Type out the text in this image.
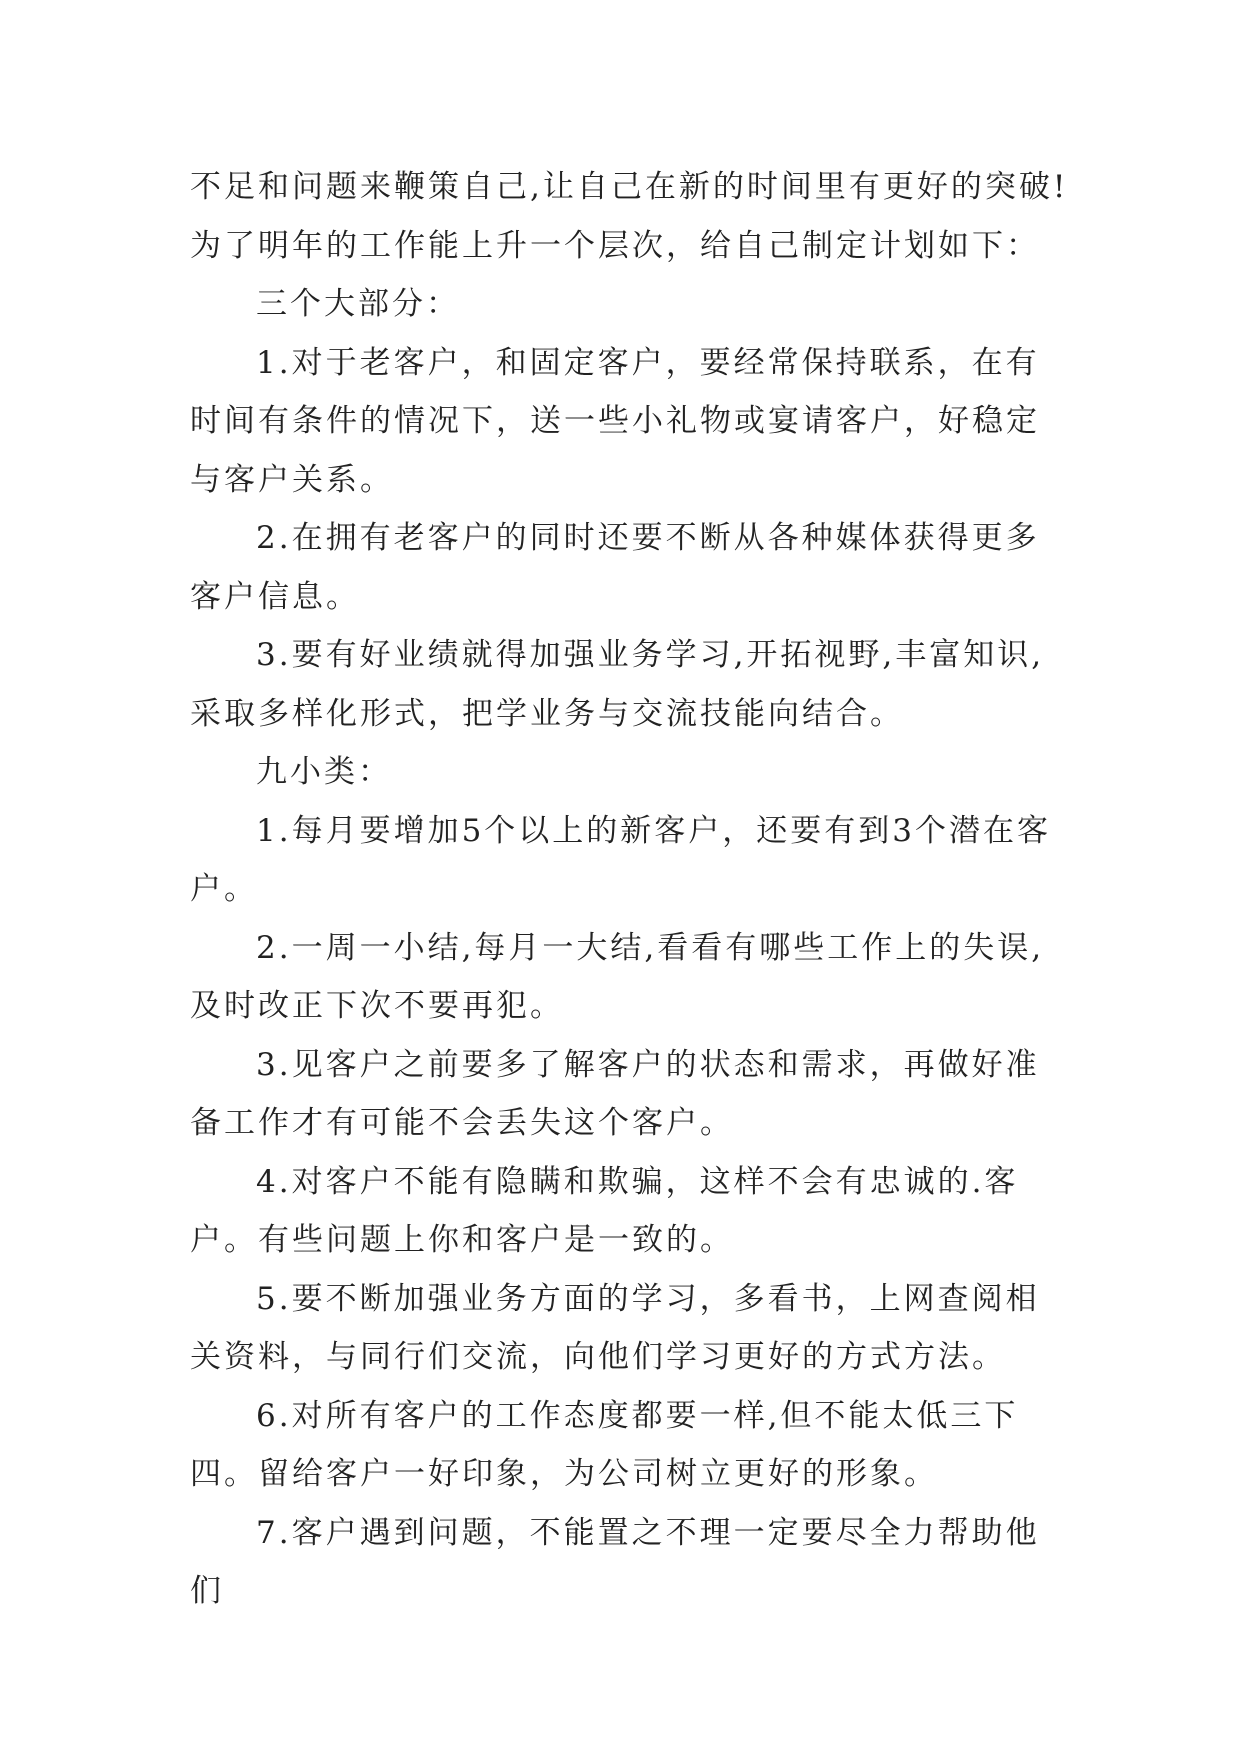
不足和问题来鞭策自己,让自己在新的时间里有更好的突破!为了明年的工作能上升一个层次，给自己制定计划如下：

三个大部分：

1.对于老客户，和固定客户，要经常保持联系，在有时间有条件的情况下，送一些小礼物或宴请客户，好稳定与客户关系。

2.在拥有老客户的同时还要不断从各种媒体获得更多客户信息。

3.要有好业绩就得加强业务学习,开拓视野,丰富知识,采取多样化形式，把学业务与交流技能向结合。

九小类：

1.每月要增加5个以上的新客户，还要有到3个潜在客户。

2.一周一小结,每月一大结,看看有哪些工作上的失误,及时改正下次不要再犯。

3.见客户之前要多了解客户的状态和需求，再做好准备工作才有可能不会丢失这个客户。

4.对客户不能有隐瞒和欺骗，这样不会有忠诚的.客户。有些问题上你和客户是一致的。

5.要不断加强业务方面的学习，多看书，上网查阅相关资料，与同行们交流，向他们学习更好的方式方法。

6.对所有客户的工作态度都要一样,但不能太低三下四。留给客户一好印象，为公司树立更好的形象。

7.客户遇到问题，不能置之不理一定要尽全力帮助他们
